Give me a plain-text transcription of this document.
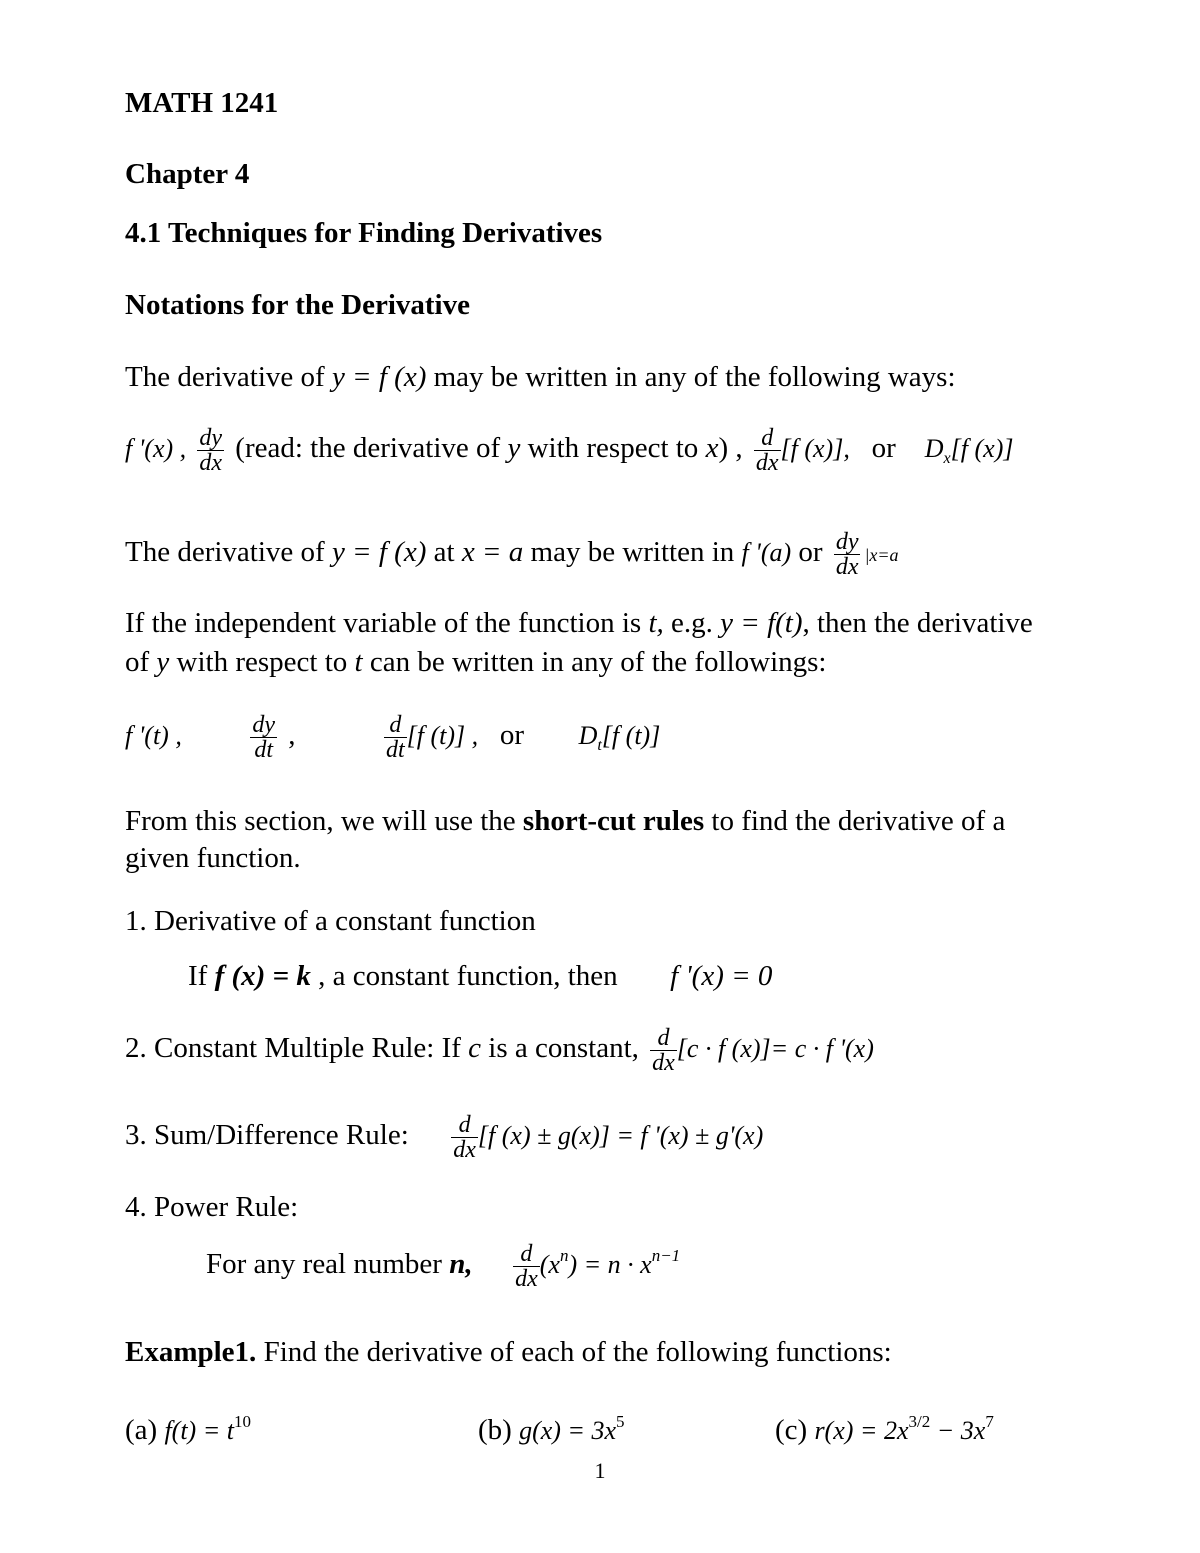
MATH 1241
Chapter 4
4.1 Techniques for Finding Derivatives
Notations for the Derivative
The derivative of y = f (x) may be written in any of the following ways:
f '(x) , $\frac{dy}{dx}$ (read: the derivative of y with respect to x) , $\frac{d}{dx} [f$ (x)], or $D_x[f$ (x)]
The derivative of y = f (x) at x = a may be written in f '(a) or $\frac{dy}{dx} |x=a$
If the independent variable of the function is t, e.g. y = f(t), then the derivative
of y with respect to t can be written in any of the followings:
f '(t) ,	$\frac{dy}{dt}$ ,	$\frac{d}{dt} [f$ (t)] , or $D_t[f$ (t)]
From this section, we will use the short-cut rules to find the derivative of a
given function.
1. Derivative of a constant function
If f (x) = k , a constant function, then f '(x) = 0
2. Constant Multiple Rule: If c is a constant, $\frac{d}{dx} [c \cdot f$ (x)]= c · f '(x)
3. Sum/Difference Rule: $\frac{d}{dx} [f$ (x) ± g(x)] = f '(x) ± g'(x)
4. Power Rule:
For any real number n, $\frac{d}{dx} (x^n) = n \cdot x^{n-1}$
Example1. Find the derivative of each of the following functions:
(a) $f(t) = t^{10}$	(b) $g(x) = 3x^5$	(c) $r(x) = 2x^{3/2} - 3x^7$
1
